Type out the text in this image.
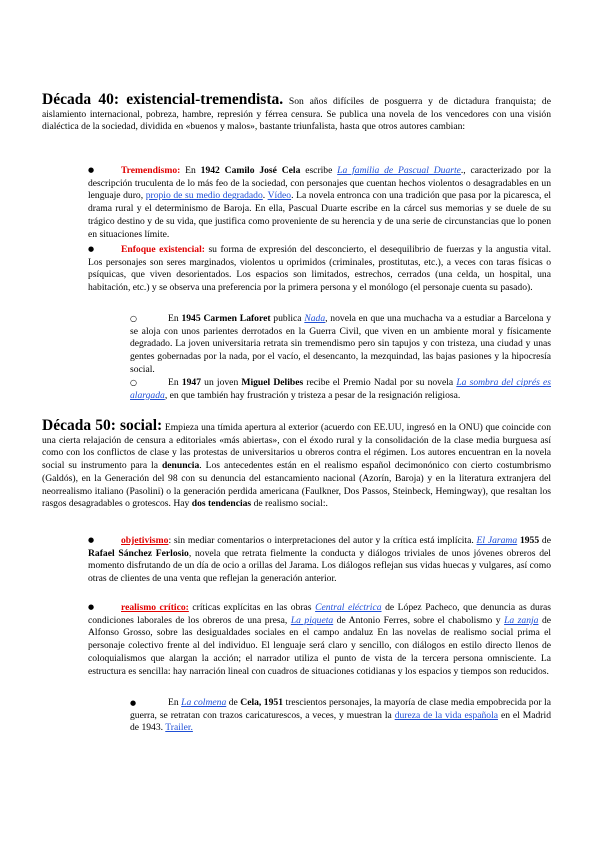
Década 40: existencial-tremendista. Son años difíciles de posguerra y de dictadura franquista; de aislamiento internacional, pobreza, hambre, represión y férrea censura. Se publica una novela de los vencedores con una visión dialéctica de la sociedad, dividida en «buenos y malos», bastante triunfalista, hasta que otros autores cambian:
●	Tremendismo: En 1942 Camilo José Cela escribe La familia de Pascual Duarte., caracterizado por la descripción truculenta de lo más feo de la sociedad, con personajes que cuentan hechos violentos o desagradables en un lenguaje duro, propio de su medio degradado. Vídeo. La novela entronca con una tradición que pasa por la picaresca, el drama rural y el determinismo de Baroja. En ella, Pascual Duarte escribe en la cárcel sus memorias y se duele de su trágico destino y de su vida, que justifica como proveniente de su herencia y de una serie de circunstancias que lo ponen en situaciones límite.
●	Enfoque existencial: su forma de expresión del desconcierto, el desequilibrio de fuerzas y la angustia vital. Los personajes son seres marginados, violentos u oprimidos (criminales, prostitutas, etc.), a veces con taras físicas o psíquicas, que viven desorientados. Los espacios son limitados, estrechos, cerrados (una celda, un hospital, una habitación, etc.) y se observa una preferencia por la primera persona y el monólogo (el personaje cuenta su pasado).
○	En 1945 Carmen Laforet publica Nada, novela en que una muchacha va a estudiar a Barcelona y se aloja con unos parientes derrotados en la Guerra Civil, que viven en un ambiente moral y físicamente degradado. La joven universitaria retrata sin tremendismo pero sin tapujos y con tristeza, una ciudad y unas gentes gobernadas por la nada, por el vacío, el desencanto, la mezquindad, las bajas pasiones y la hipocresía social.
○	En 1947 un joven Miguel Delibes recibe el Premio Nadal por su novela La sombra del ciprés es alargada, en que también hay frustración y tristeza a pesar de la resignación religiosa.
Década 50: social: Empieza una tímida apertura al exterior (acuerdo con EE.UU, ingresó en la ONU) que coincide con una cierta relajación de censura a editoriales «más abiertas», con el éxodo rural y la consolidación de la clase media burguesa así como con los conflictos de clase y las protestas de universitarios u obreros contra el régimen. Los autores encuentran en la novela social su instrumento para la denuncia. Los antecedentes están en el realismo español decimonónico con cierto costumbrismo (Galdós), en la Generación del 98 con su denuncia del estancamiento nacional (Azorín, Baroja) y en la literatura extranjera del neorrealismo italiano (Pasolini) o la generación perdida americana (Faulkner, Dos Passos, Steinbeck, Hemingway), que resaltan los rasgos desagradables o grotescos. Hay dos tendencias de realismo social:.
●	objetivismo: sin mediar comentarios o interpretaciones del autor y la crítica está implícita. El Jarama 1955 de Rafael Sánchez Ferlosio, novela que retrata fielmente la conducta y diálogos triviales de unos jóvenes obreros del momento disfrutando de un día de ocio a orillas del Jarama. Los diálogos reflejan sus vidas huecas y vulgares, así como otras de clientes de una venta que reflejan la generación anterior.
●	realismo crítico: críticas explícitas en las obras Central eléctrica de López Pacheco, que denuncia as duras condiciones laborales de los obreros de una presa, La piqueta de Antonio Ferres, sobre el chabolismo y La zanja de Alfonso Grosso, sobre las desigualdades sociales en el campo andaluz En las novelas de realismo social prima el personaje colectivo frente al del individuo. El lenguaje será claro y sencillo, con diálogos en estilo directo llenos de coloquialismos que alargan la acción; el narrador utiliza el punto de vista de la tercera persona omnisciente. La estructura es sencilla: hay narración lineal con cuadros de situaciones cotidianas y los espacios y tiempos son reducidos.
●	En La colmena de Cela, 1951 trescientos personajes, la mayoría de clase media empobrecida por la guerra, se retratan con trazos caricaturescos, a veces, y muestran la dureza de la vida española en el Madrid de 1943. Trailer.
